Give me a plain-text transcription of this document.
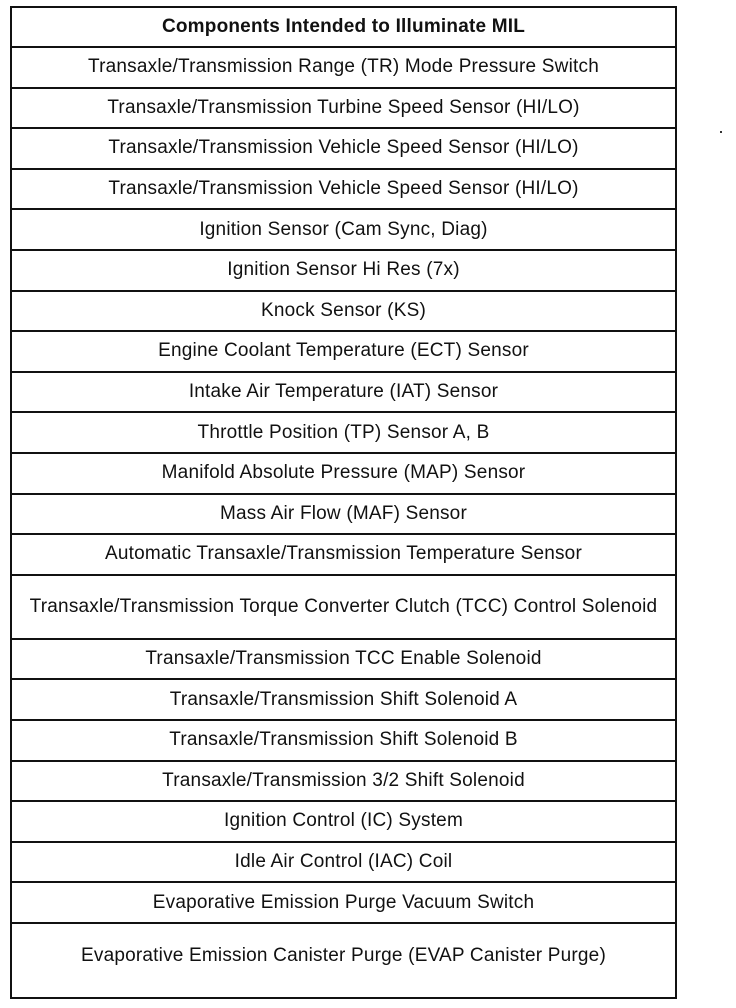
Components Intended to Illuminate MIL
Transaxle/Transmission Range (TR) Mode Pressure Switch
Transaxle/Transmission Turbine Speed Sensor (HI/LO)
Transaxle/Transmission Vehicle Speed Sensor (HI/LO)
Transaxle/Transmission Vehicle Speed Sensor (HI/LO)
Ignition Sensor (Cam Sync, Diag)
Ignition Sensor Hi Res (7x)
Knock Sensor (KS)
Engine Coolant Temperature (ECT) Sensor
Intake Air Temperature (IAT) Sensor
Throttle Position (TP) Sensor A, B
Manifold Absolute Pressure (MAP) Sensor
Mass Air Flow (MAF) Sensor
Automatic Transaxle/Transmission Temperature Sensor
Transaxle/Transmission Torque Converter Clutch (TCC) Control Solenoid
Transaxle/Transmission TCC Enable Solenoid
Transaxle/Transmission Shift Solenoid A
Transaxle/Transmission Shift Solenoid B
Transaxle/Transmission 3/2 Shift Solenoid
Ignition Control (IC) System
Idle Air Control (IAC) Coil
Evaporative Emission Purge Vacuum Switch
Evaporative Emission Canister Purge (EVAP Canister Purge)
